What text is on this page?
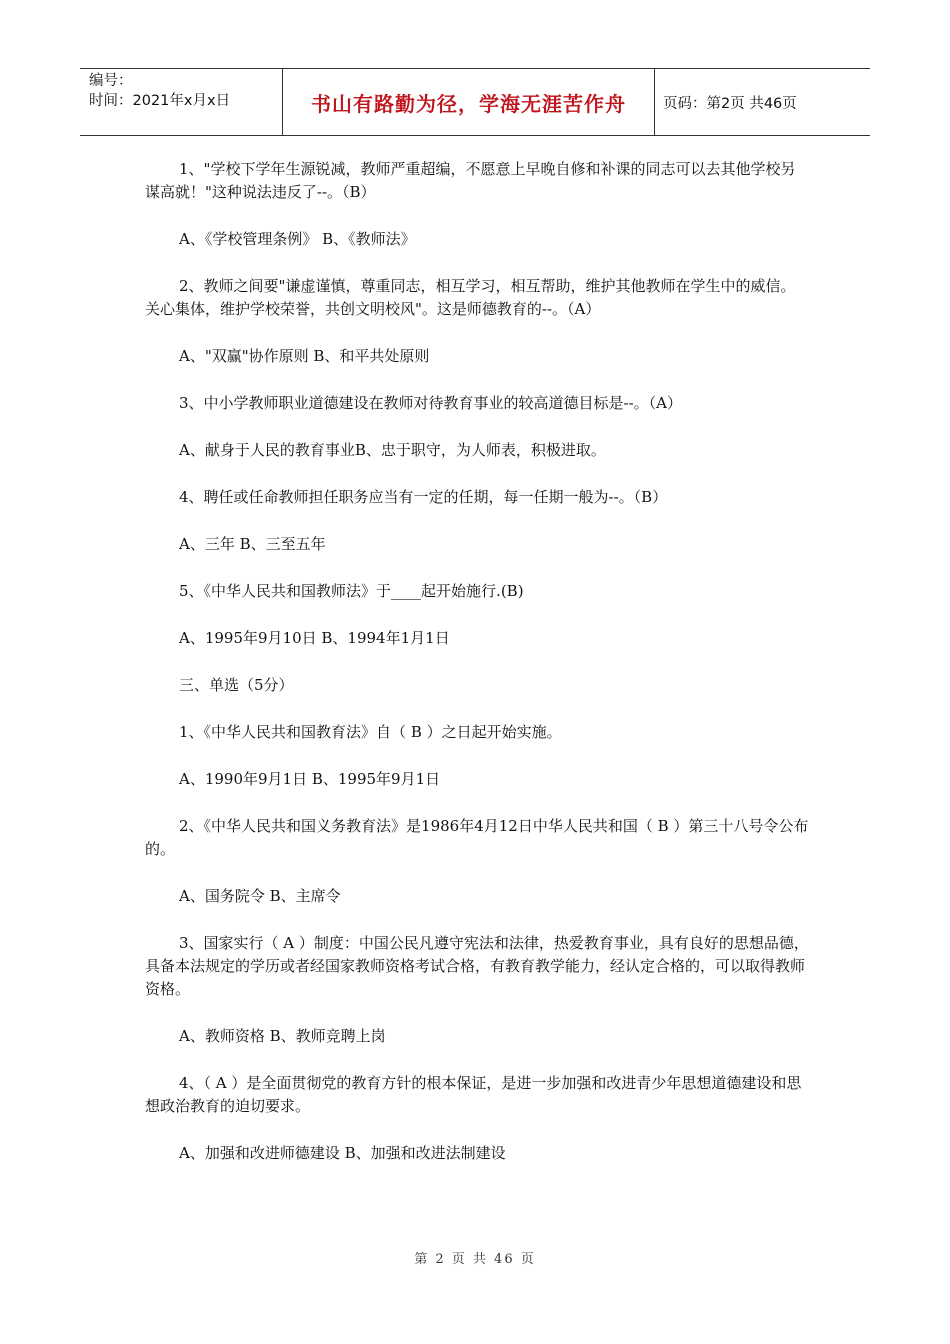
编号：
时间：2021年x月x日	书山有路勤为径，学海无涯苦作舟	页码：第2页 共46页

1、"学校下学年生源锐减，教师严重超编，不愿意上早晚自修和补课的同志可以去其他学校另谋高就！"这种说法违反了--。（B）

A、《学校管理条例》 B、《教师法》

2、教师之间要"谦虚谨慎，尊重同志，相互学习，相互帮助，维护其他教师在学生中的威信。关心集体，维护学校荣誉，共创文明校风"。这是师德教育的--。（A）

A、"双赢"协作原则 B、和平共处原则

3、中小学教师职业道德建设在教师对待教育事业的较高道德目标是--。（A）

A、献身于人民的教育事业B、忠于职守，为人师表，积极进取。

4、聘任或任命教师担任职务应当有一定的任期，每一任期一般为--。（B）

A、三年 B、三至五年

5、《中华人民共和国教师法》于____起开始施行.(B)

A、1995年9月10日 B、1994年1月1日

三、单选（5分）

1、《中华人民共和国教育法》自（ B ）之日起开始实施。

A、1990年9月1日 B、1995年9月1日

2、《中华人民共和国义务教育法》是1986年4月12日中华人民共和国（ B ）第三十八号令公布的。

A、国务院令 B、主席令

3、国家实行（ A ）制度：中国公民凡遵守宪法和法律，热爱教育事业，具有良好的思想品德，具备本法规定的学历或者经国家教师资格考试合格，有教育教学能力，经认定合格的，可以取得教师资格。

A、教师资格 B、教师竞聘上岗

4、（ A ）是全面贯彻党的教育方针的根本保证，是进一步加强和改进青少年思想道德建设和思想政治教育的迫切要求。

A、加强和改进师德建设 B、加强和改进法制建设

第 2 页 共 46 页
